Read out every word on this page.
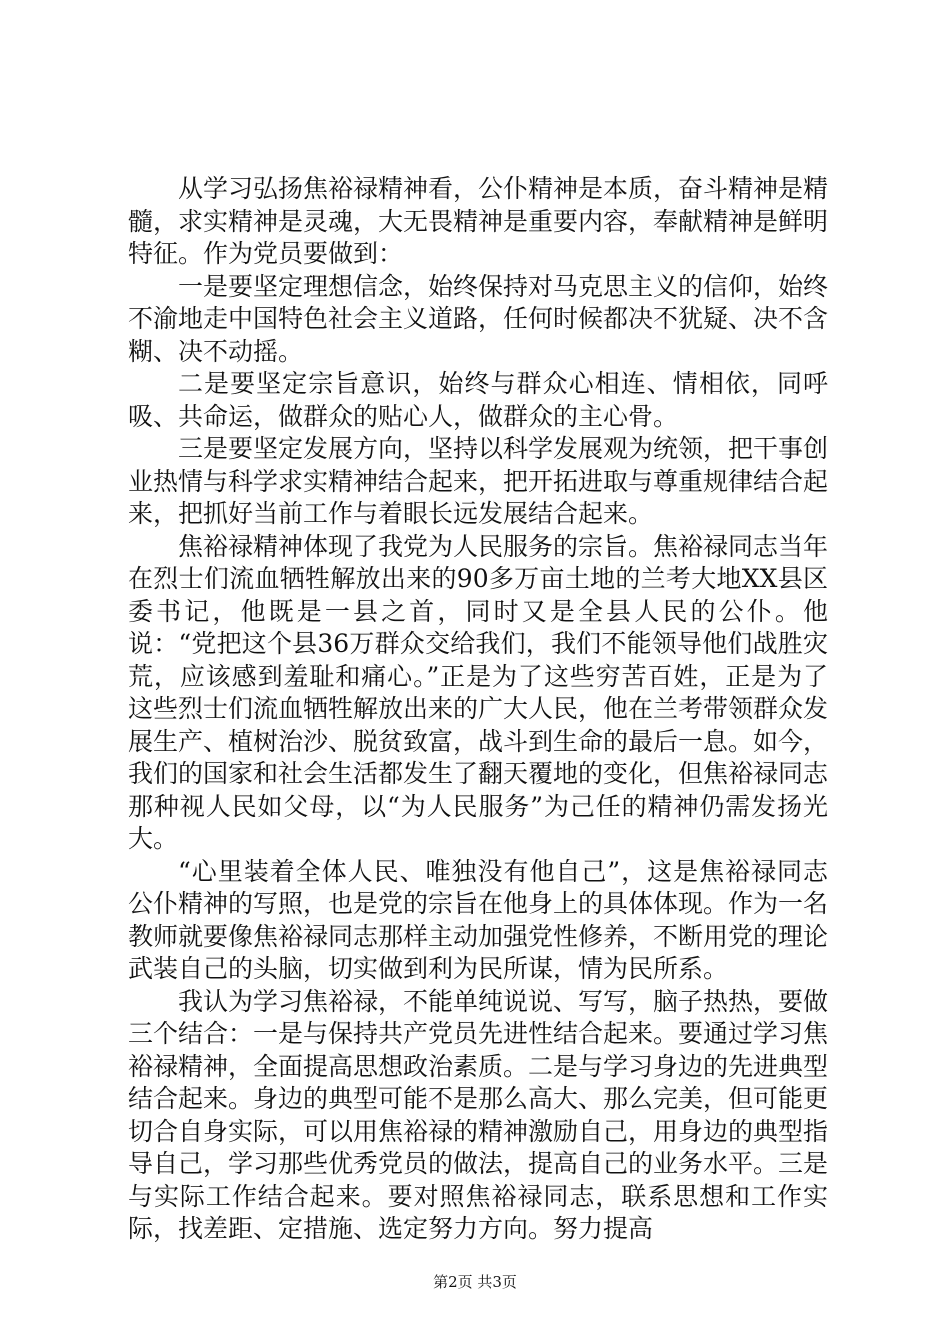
从学习弘扬焦裕禄精神看，公仆精神是本质，奋斗精神是精髓，求实精神是灵魂，大无畏精神是重要内容，奉献精神是鲜明特征。作为党员要做到：

一是要坚定理想信念，始终保持对马克思主义的信仰，始终不渝地走中国特色社会主义道路，任何时候都决不犹疑、决不含糊、决不动摇。

二是要坚定宗旨意识，始终与群众心相连、情相依，同呼吸、共命运，做群众的贴心人，做群众的主心骨。

三是要坚定发展方向，坚持以科学发展观为统领，把干事创业热情与科学求实精神结合起来，把开拓进取与尊重规律结合起来，把抓好当前工作与着眼长远发展结合起来。

焦裕禄精神体现了我党为人民服务的宗旨。焦裕禄同志当年在烈士们流血牺牲解放出来的90多万亩土地的兰考大地XX县区委书记，他既是一县之首，同时又是全县人民的公仆。他说：“党把这个县36万群众交给我们，我们不能领导他们战胜灾荒，应该感到羞耻和痛心。”正是为了这些穷苦百姓，正是为了这些烈士们流血牺牲解放出来的广大人民，他在兰考带领群众发展生产、植树治沙、脱贫致富，战斗到生命的最后一息。如今，我们的国家和社会生活都发生了翻天覆地的变化，但焦裕禄同志那种视人民如父母，以“为人民服务”为己任的精神仍需发扬光大。

“心里装着全体人民、唯独没有他自己”，这是焦裕禄同志公仆精神的写照，也是党的宗旨在他身上的具体体现。作为一名教师就要像焦裕禄同志那样主动加强党性修养，不断用党的理论武装自己的头脑，切实做到利为民所谋，情为民所系。

我认为学习焦裕禄，不能单纯说说、写写，脑子热热，要做三个结合：一是与保持共产党员先进性结合起来。要通过学习焦裕禄精神，全面提高思想政治素质。二是与学习身边的先进典型结合起来。身边的典型可能不是那么高大、那么完美，但可能更切合自身实际，可以用焦裕禄的精神激励自己，用身边的典型指导自己，学习那些优秀党员的做法，提高自己的业务水平。三是与实际工作结合起来。要对照焦裕禄同志，联系思想和工作实际，找差距、定措施、选定努力方向。努力提高

第2页 共3页
